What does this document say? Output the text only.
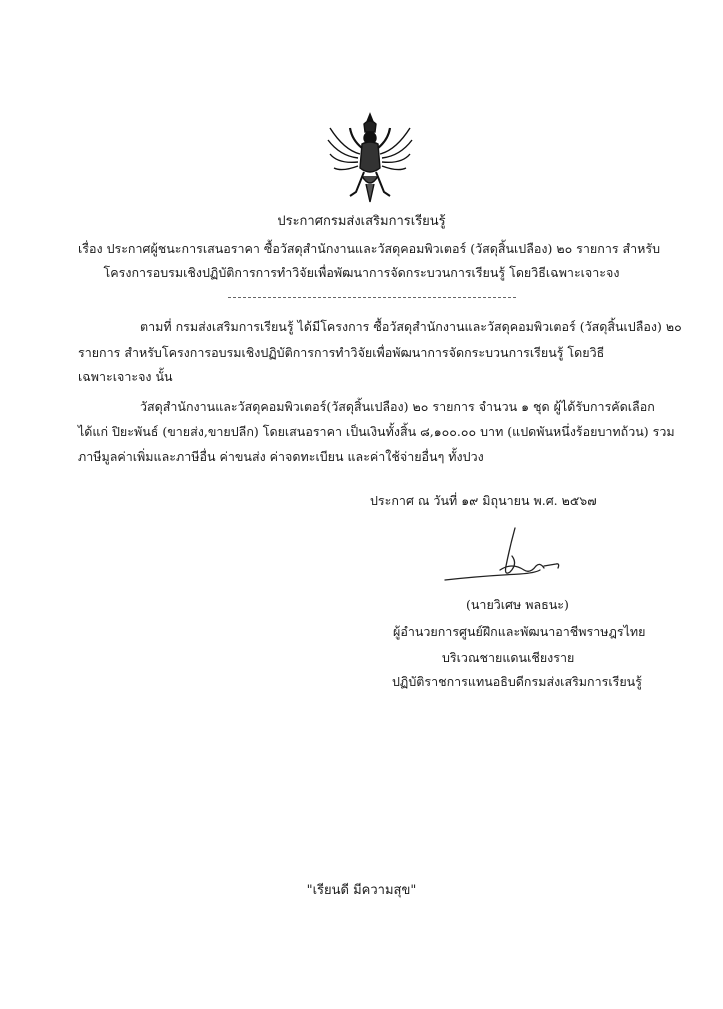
ประกาศกรมส่งเสริมการเรียนรู้
เรื่อง ประกาศผู้ชนะการเสนอราคา ซื้อวัสดุสำนักงานและวัสดุคอมพิวเตอร์ (วัสดุสิ้นเปลือง) ๒๐ รายการ สำหรับ
โครงการอบรมเชิงปฏิบัติการการทำวิจัยเพื่อพัฒนาการจัดกระบวนการเรียนรู้ โดยวิธีเฉพาะเจาะจง
ตามที่ กรมส่งเสริมการเรียนรู้ ได้มีโครงการ ซื้อวัสดุสำนักงานและวัสดุคอมพิวเตอร์ (วัสดุสิ้นเปลือง) ๒๐
รายการ สำหรับโครงการอบรมเชิงปฏิบัติการการทำวิจัยเพื่อพัฒนาการจัดกระบวนการเรียนรู้ โดยวิธี
เฉพาะเจาะจง นั้น
วัสดุสำนักงานและวัสดุคอมพิวเตอร์(วัสดุสิ้นเปลือง) ๒๐ รายการ จำนวน ๑ ชุด ผู้ได้รับการคัดเลือก
ได้แก่ ปิยะพันธ์ (ขายส่ง,ขายปลีก) โดยเสนอราคา เป็นเงินทั้งสิ้น ๘,๑๐๐.๐๐ บาท (แปดพันหนึ่งร้อยบาทถ้วน) รวม
ภาษีมูลค่าเพิ่มและภาษีอื่น ค่าขนส่ง ค่าจดทะเบียน และค่าใช้จ่ายอื่นๆ ทั้งปวง
ประกาศ ณ วันที่ ๑๙ มิถุนายน พ.ศ. ๒๕๖๗
(นายวิเศษ พลธนะ)
ผู้อำนวยการศูนย์ฝึกและพัฒนาอาชีพราษฎรไทย
บริเวณชายแดนเชียงราย
ปฏิบัติราชการแทนอธิบดีกรมส่งเสริมการเรียนรู้
"เรียนดี มีความสุข"
